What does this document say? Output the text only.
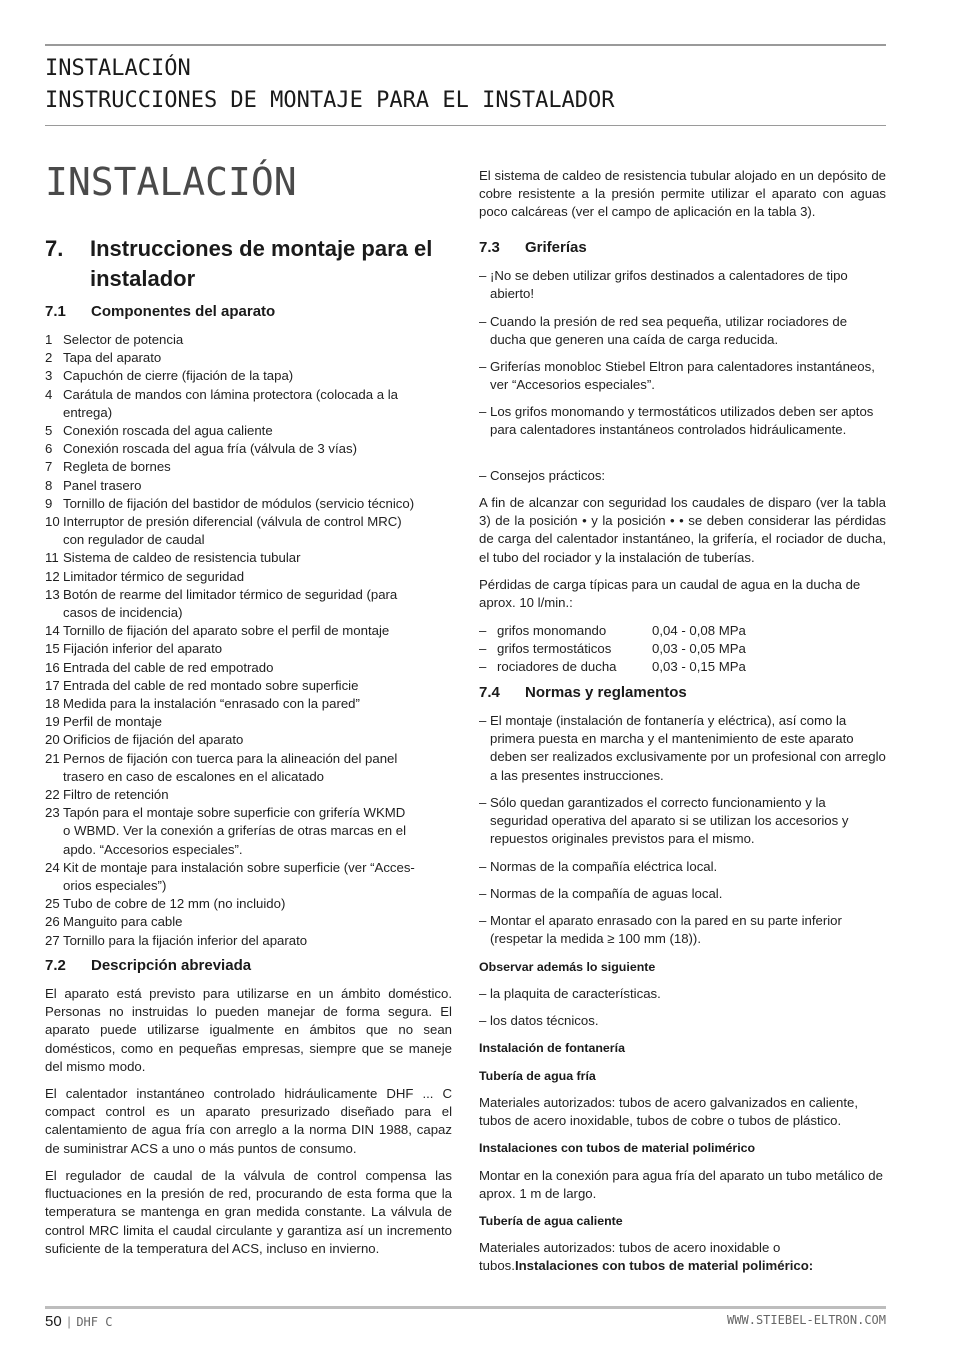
INSTALACIÓN
INSTRUCCIONES DE MONTAJE PARA EL INSTALADOR
INSTALACIÓN
7. Instrucciones de montaje para el
instalador
7.1 Componentes del aparato
1 Selector de potencia
2 Tapa del aparato
3 Capuchón de cierre (fijación de la tapa)
4 Carátula de mandos con lámina protectora (colocada a la
entrega)
5 Conexión roscada del agua caliente
6 Conexión roscada del agua fría (válvula de 3 vías)
7 Regleta de bornes
8 Panel trasero
9 Tornillo de fijación del bastidor de módulos (servicio técnico)
10 Interruptor de presión diferencial (válvula de control MRC)
con regulador de caudal
11 Sistema de caldeo de resistencia tubular
12 Limitador térmico de seguridad
13 Botón de rearme del limitador térmico de seguridad (para
casos de incidencia)
14 Tornillo de fijación del aparato sobre el perfil de montaje
15 Fijación inferior del aparato
16 Entrada del cable de red empotrado
17 Entrada del cable de red montado sobre superficie
18 Medida para la instalación “enrasado con la pared”
19 Perfil de montaje
20 Orificios de fijación del aparato
21 Pernos de fijación con tuerca para la alineación del panel
trasero en caso de escalones en el alicatado
22 Filtro de retención
23 Tapón para el montaje sobre superficie con grifería WKMD
o WBMD. Ver la conexión a griferías de otras marcas en el
apdo. “Accesorios especiales”.
24 Kit de montaje para instalación sobre superficie (ver “Acces-
orios especiales”)
25 Tubo de cobre de 12 mm (no incluido)
26 Manguito para cable
27 Tornillo para la fijación inferior del aparato
7.2 Descripción abreviada
El aparato está previsto para utilizarse en un ámbito doméstico. Personas no instruidas lo pueden manejar de forma segura. El aparato puede utilizarse igualmente en ámbitos que no sean domésticos, como en pequeñas empresas, siempre que se maneje del mismo modo.
El calentador instantáneo controlado hidráulicamente DHF ... C compact control es un aparato presurizado diseñado para el calentamiento de agua fría con arreglo a la norma DIN 1988, capaz de suministrar ACS a uno o más puntos de consumo.
El regulador de caudal de la válvula de control compensa las fluctuaciones en la presión de red, procurando de esta forma que la temperatura se mantenga en gran medida constante. La válvula de control MRC limita el caudal circulante y garantiza así un incremento suficiente de la temperatura del ACS, incluso en invierno.
El sistema de caldeo de resistencia tubular alojado en un depósito de cobre resistente a la presión permite utilizar el aparato con aguas poco calcáreas (ver el campo de aplicación en la tabla 3).
7.3 Griferías
– ¡No se deben utilizar grifos destinados a calentadores de tipo abierto!
– Cuando la presión de red sea pequeña, utilizar rociadores de ducha que generen una caída de carga reducida.
– Griferías monobloc Stiebel Eltron para calentadores instantáneos, ver “Accesorios especiales”.
– Los grifos monomando y termostáticos utilizados deben ser aptos para calentadores instantáneos controlados hidráulicamente.
– Consejos prácticos:
A fin de alcanzar con seguridad los caudales de disparo (ver la tabla 3) de la posición • y la posición • • se deben considerar las pérdidas de carga del calentador instantáneo, la grifería, el rociador de ducha, el tubo del rociador y la instalación de tuberías.
Pérdidas de carga típicas para un caudal de agua en la ducha de aprox. 10 l/min.:
– grifos monomando	0,04 - 0,08 MPa
– grifos termostáticos	0,03 - 0,05 MPa
– rociadores de ducha	0,03 - 0,15 MPa
7.4 Normas y reglamentos
– El montaje (instalación de fontanería y eléctrica), así como la primera puesta en marcha y el mantenimiento de este aparato deben ser realizados exclusivamente por un profesional con arreglo a las presentes instrucciones.
– Sólo quedan garantizados el correcto funcionamiento y la seguridad operativa del aparato si se utilizan los accesorios y repuestos originales previstos para el mismo.
– Normas de la compañía eléctrica local.
– Normas de la compañía de aguas local.
– Montar el aparato enrasado con la pared en su parte inferior (respetar la medida ≥ 100 mm (18)).
Observar además lo siguiente
– la plaquita de características.
– los datos técnicos.
Instalación de fontanería
Tubería de agua fría
Materiales autorizados: tubos de acero galvanizados en caliente, tubos de acero inoxidable, tubos de cobre o tubos de plástico.
Instalaciones con tubos de material polimérico
Montar en la conexión para agua fría del aparato un tubo metálico de aprox. 1 m de largo.
Tubería de agua caliente
Materiales autorizados: tubos de acero inoxidable o tubos.Instalaciones con tubos de material polimérico:
50 | DHF C	WWW.STIEBEL-ELTRON.COM
